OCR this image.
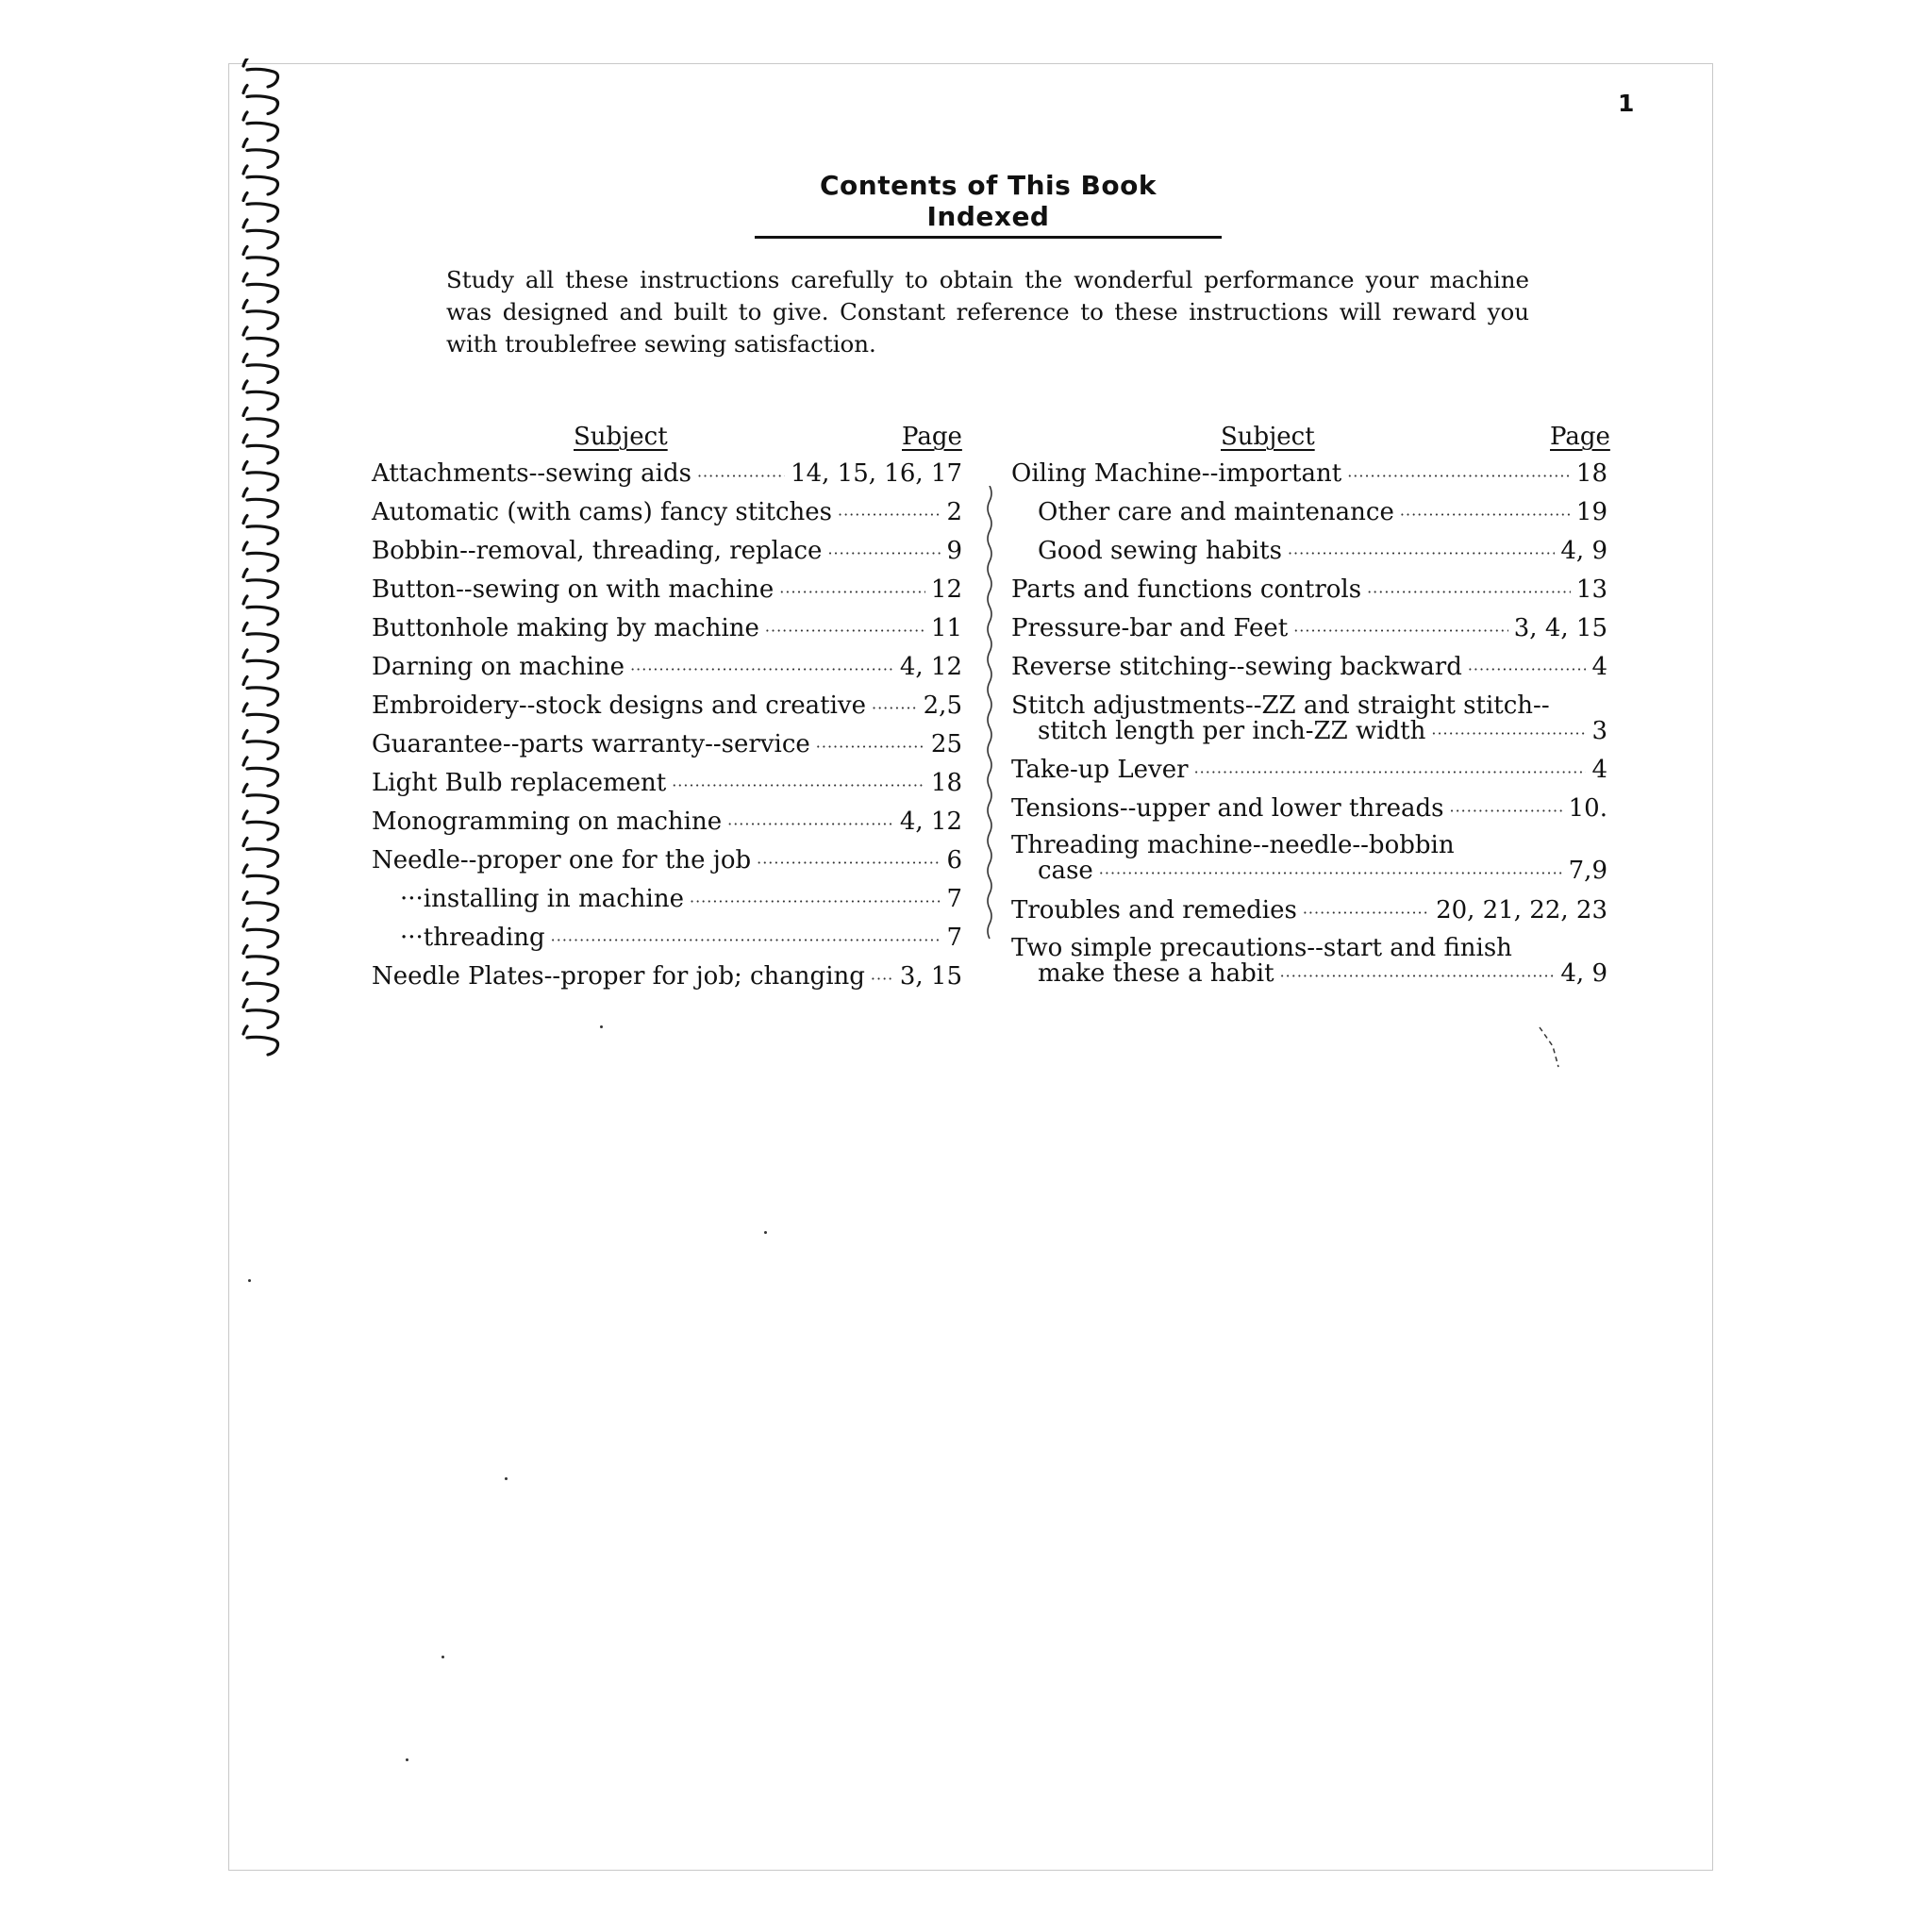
1
Contents of This Book Indexed
Study all these instructions carefully to obtain the wonderful performance your machine was designed and built to give. Constant reference to these instructions will reward you with troublefree sewing satisfaction.
Subject	Page	Subject	Page
Attachments--sewing aids ·····	14, 15, 16, 17
Automatic (with cams) fancy stitches ·····	2
Bobbin--removal, threading, replace ·····	9
Button--sewing on with machine ·····	12
Buttonhole making by machine ·····	11
Darning on machine ·····	4, 12
Embroidery--stock designs and creative ····· 2,5
Guarantee--parts warranty--service ·····	25
Light Bulb replacement ·····	18
Monogramming on machine ·····	4, 12
Needle--proper one for the job ·····	6
···installing in machine ·····	7
···threading ·····	7
Needle Plates--proper for job; changing ····· 3, 15
Oiling Machine--important ·····	18
Other care and maintenance ·····	19
Good sewing habits ·····	4, 9
Parts and functions controls ·····	13
Pressure-bar and Feet ·····	3, 4, 15
Reverse stitching--sewing backward ·····	4
Stitch adjustments--ZZ and straight stitch--
stitch length per inch-ZZ width ·····	3
Take-up Lever ·····	4
Tensions--upper and lower threads ·····	10.
Threading machine--needle--bobbin
case ·····	7,9
Troubles and remedies ·····	20, 21, 22, 23
Two simple precautions--start and finish
make these a habit ·····	4, 9
